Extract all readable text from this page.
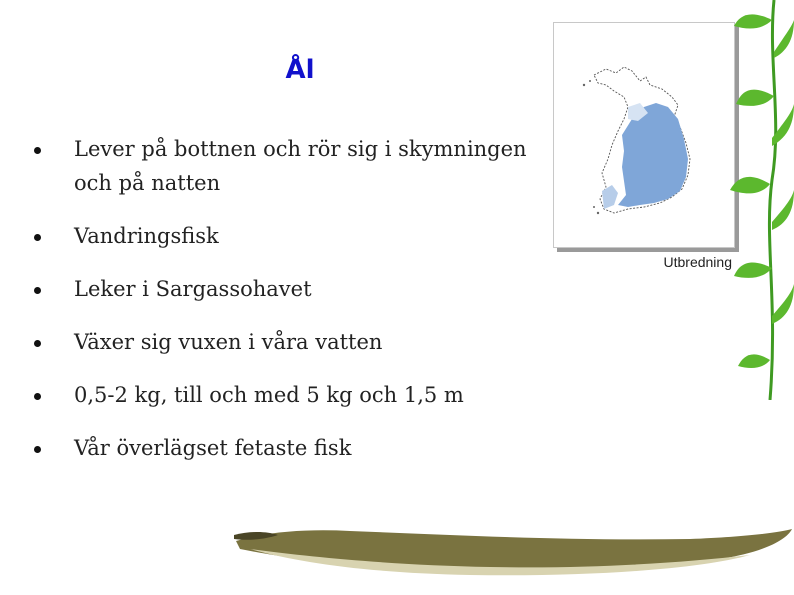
Ål
Lever på bottnen och rör sig i skymningen och på natten
Vandringsfisk
Leker i Sargassohavet
Växer sig vuxen i våra vatten
0,5-2 kg, till och med 5 kg och 1,5 m
Vår överlägset fetaste fisk
Utbredning
